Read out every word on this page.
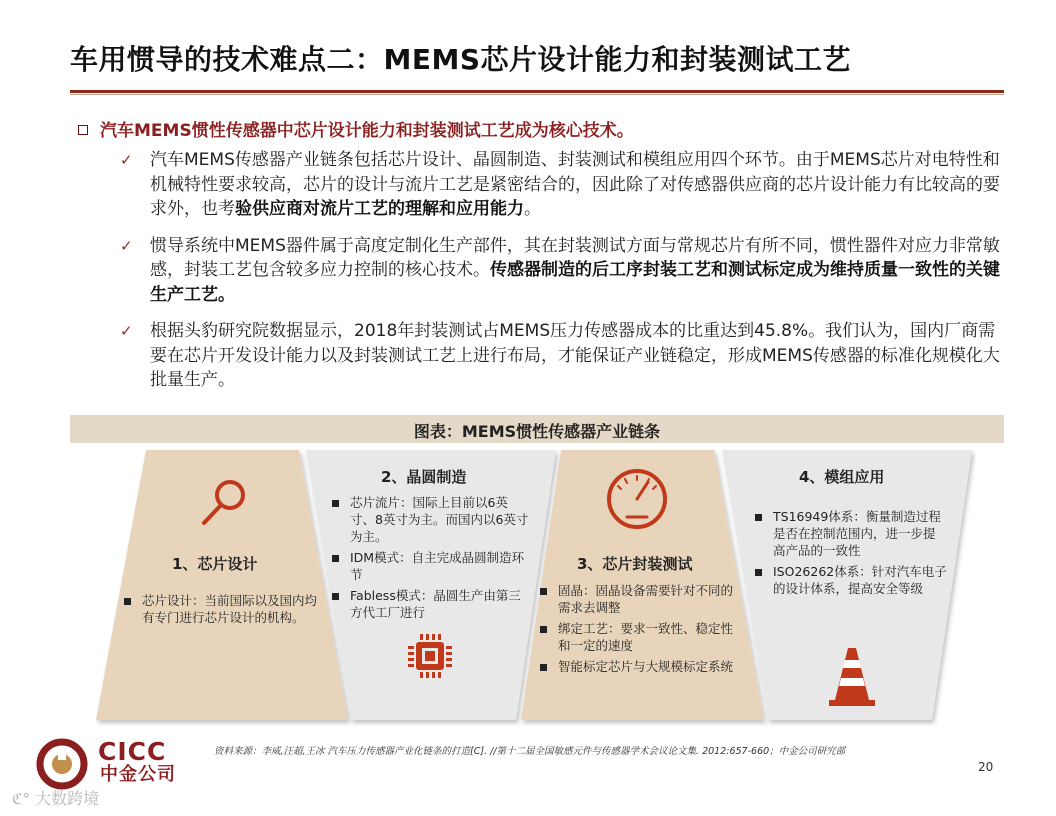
车用惯导的技术难点二：MEMS芯片设计能力和封装测试工艺
汽车MEMS惯性传感器中芯片设计能力和封装测试工艺成为核心技术。
✓ 汽车MEMS传感器产业链条包括芯片设计、晶圆制造、封装测试和模组应用四个环节。由于MEMS芯片对电特性和机械特性要求较高，芯片的设计与流片工艺是紧密结合的，因此除了对传感器供应商的芯片设计能力有比较高的要求外，也考验供应商对流片工艺的理解和应用能力。
✓ 惯导系统中MEMS器件属于高度定制化生产部件，其在封装测试方面与常规芯片有所不同，惯性器件对应力非常敏感，封装工艺包含较多应力控制的核心技术。传感器制造的后工序封装工艺和测试标定成为维持质量一致性的关键生产工艺。
✓ 根据头豹研究院数据显示，2018年封装测试占MEMS压力传感器成本的比重达到45.8%。我们认为，国内厂商需要在芯片开发设计能力以及封装测试工艺上进行布局，才能保证产业链稳定，形成MEMS传感器的标准化规模化大批量生产。
图表：MEMS惯性传感器产业链条
1、芯片设计
芯片设计：当前国际以及国内均有专门进行芯片设计的机构。
2、晶圆制造
芯片流片：国际上目前以6英寸、8英寸为主。而国内以6英寸为主。
IDM模式：自主完成晶圆制造环节
Fabless模式：晶圆生产由第三方代工厂进行
3、芯片封装测试
固晶：固晶设备需要针对不同的需求去调整
绑定工艺：要求一致性、稳定性和一定的速度
智能标定芯片与大规模标定系统
4、模组应用
TS16949体系：衡量制造过程是否在控制范围内，进一步提高产品的一致性
ISO26262体系：针对汽车电子的设计体系，提高安全等级
资料来源：李威,汪超,王冰 汽车压力传感器产业化链条的打造[C]. //第十二届全国敏感元件与传感器学术会议论文集. 2012:657-660；中金公司研究部
20
CICC
中金公司
ℭ° 大数跨境
